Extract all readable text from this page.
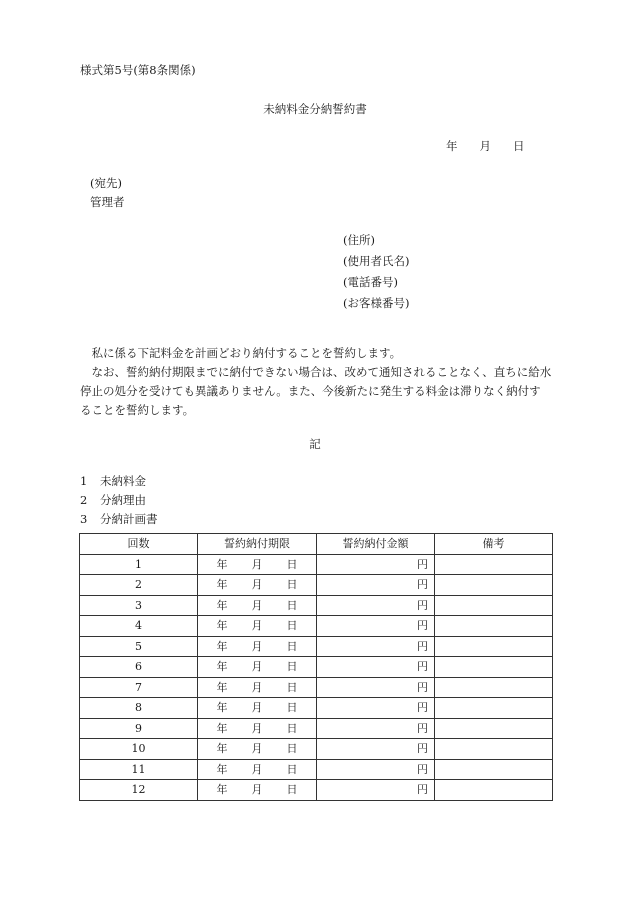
様式第5号(第8条関係)
未納料金分納誓約書
年 月 日
(宛先)
管理者
(住所)
(使用者氏名)
(電話番号)
(お客様番号)

私に係る下記料金を計画どおり納付することを誓約します。

なお、誓約納付期限までに納付できない場合は、改めて通知されることなく、直ちに給水停止の処分を受けても異議ありません。また、今後新たに発生する料金は滞りなく納付することを誓約します。

記
1 未納料金
2 分納理由
3 分納計画書
回数	誓約納付期限	誓約納付金額	備考
1	年 月 日	円	
2	年 月 日	円	
3	年 月 日	円	
4	年 月 日	円	
5	年 月 日	円	
6	年 月 日	円	
7	年 月 日	円	
8	年 月 日	円	
9	年 月 日	円	
10	年 月 日	円	
11	年 月 日	円	
12	年 月 日	円	
